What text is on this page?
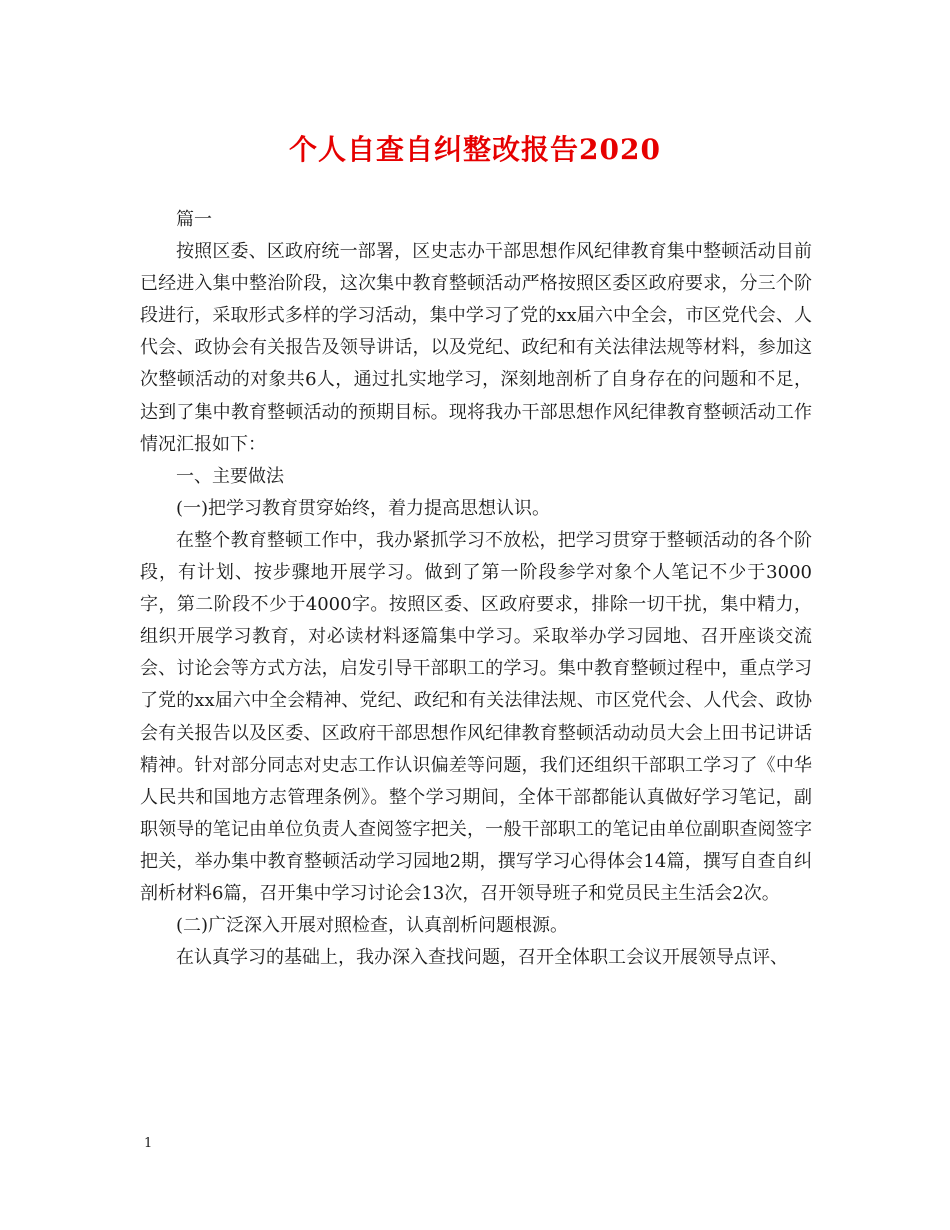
个人自查自纠整改报告2020

篇一

按照区委、区政府统一部署，区史志办干部思想作风纪律教育集中整顿活动目前已经进入集中整治阶段，这次集中教育整顿活动严格按照区委区政府要求，分三个阶段进行，采取形式多样的学习活动，集中学习了党的xx届六中全会，市区党代会、人代会、政协会有关报告及领导讲话，以及党纪、政纪和有关法律法规等材料，参加这次整顿活动的对象共6人，通过扎实地学习，深刻地剖析了自身存在的问题和不足，达到了集中教育整顿活动的预期目标。现将我办干部思想作风纪律教育整顿活动工作情况汇报如下：

一、主要做法

(一)把学习教育贯穿始终，着力提高思想认识。

在整个教育整顿工作中，我办紧抓学习不放松，把学习贯穿于整顿活动的各个阶段，有计划、按步骤地开展学习。做到了第一阶段参学对象个人笔记不少于3000字，第二阶段不少于4000字。按照区委、区政府要求，排除一切干扰，集中精力，组织开展学习教育，对必读材料逐篇集中学习。采取举办学习园地、召开座谈交流会、讨论会等方式方法，启发引导干部职工的学习。集中教育整顿过程中，重点学习了党的xx届六中全会精神、党纪、政纪和有关法律法规、市区党代会、人代会、政协会有关报告以及区委、区政府干部思想作风纪律教育整顿活动动员大会上田书记讲话精神。针对部分同志对史志工作认识偏差等问题，我们还组织干部职工学习了《中华人民共和国地方志管理条例》。整个学习期间，全体干部都能认真做好学习笔记，副职领导的笔记由单位负责人查阅签字把关，一般干部职工的笔记由单位副职查阅签字把关，举办集中教育整顿活动学习园地2期，撰写学习心得体会14篇，撰写自查自纠剖析材料6篇，召开集中学习讨论会13次，召开领导班子和党员民主生活会2次。

(二)广泛深入开展对照检查，认真剖析问题根源。

在认真学习的基础上，我办深入查找问题，召开全体职工会议开展领导点评、

1
